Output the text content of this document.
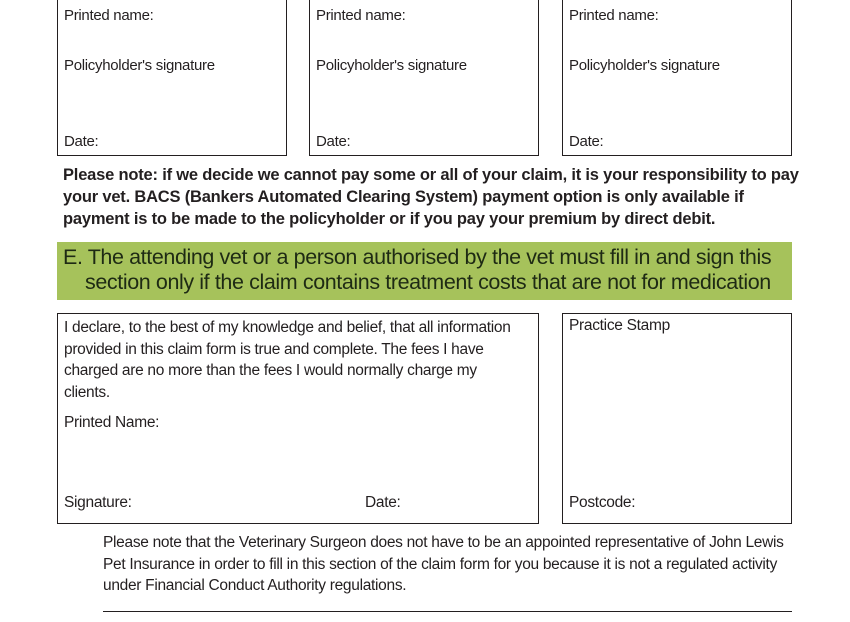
Printed name:
Policyholder's signature
Date:
Printed name:
Policyholder's signature
Date:
Printed name:
Policyholder's signature
Date:
Please note: if we decide we cannot pay some or all of your claim, it is your responsibility to pay your vet. BACS (Bankers Automated Clearing System) payment option is only available if payment is to be made to the policyholder or if you pay your premium by direct debit.
E. The attending vet or a person authorised by the vet must fill in and sign this
section only if the claim contains treatment costs that are not for medication
I declare, to the best of my knowledge and belief, that all information provided in this claim form is true and complete. The fees I have charged are no more than the fees I would normally charge my clients.
Printed Name:
Signature:	Date:
Practice Stamp
Postcode:
Please note that the Veterinary Surgeon does not have to be an appointed representative of John Lewis Pet Insurance in order to fill in this section of the claim form for you because it is not a regulated activity under Financial Conduct Authority regulations.
